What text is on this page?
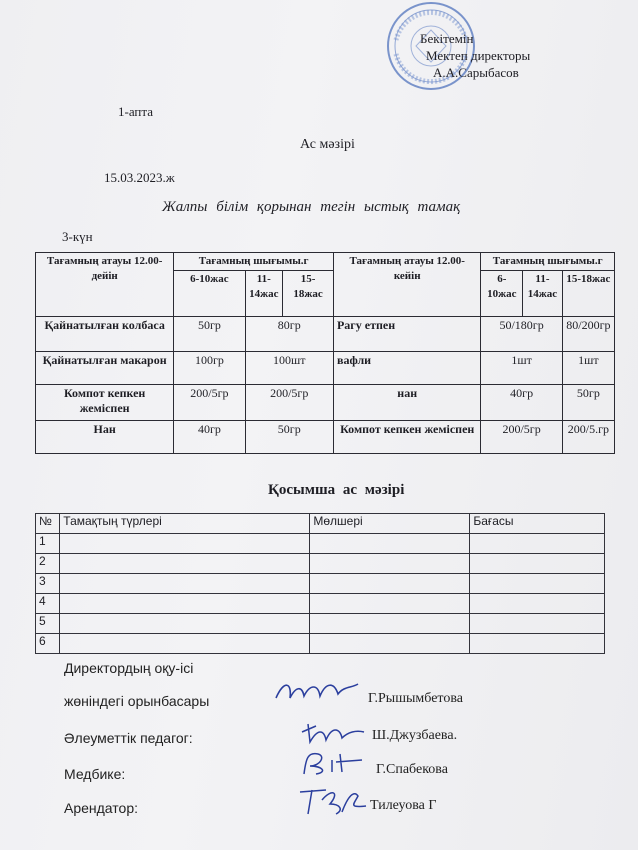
Бекітемін
Мектеп директоры
А.А.Сарыбасов
1-апта
Ас мәзірі
15.03.2023.ж
Жалпы білім қорынан тегін ыстық тамақ
3-күн
Тағамның атауы 12.00-дейін	Тағамның шығымы.г			Тағамның атауы 12.00-кейін	Тағамның шығымы.г		
	6-10жас	11-14жас	15-18жас		6-10жас	11-14жас	15-18жас
Қайнатылған колбаса	50гр	80гр		Рагу етпен	50/180гр		80/200гр
Қайнатылған макарон	100гр	100шт		вафли	1шт		1шт
Компот кепкен жеміспен	200/5гр	200/5гр		нан	40гр		50гр
Нан	40гр	50гр		Компот кепкен жеміспен	200/5гр		200/5.гр
Қосымша ас мәзірі
№	Тамақтың түрлері	Мөлшері	Бағасы
1			
2			
3			
4			
5			
6			
Директордың оқу-ісі
жөніндегі орынбасары	Г.Рышымбетова
Әлеуметтік педагог:	Ш.Джузбаева.
Медбике:	Г.Спабекова
Арендатор:	Тилеуова Г
